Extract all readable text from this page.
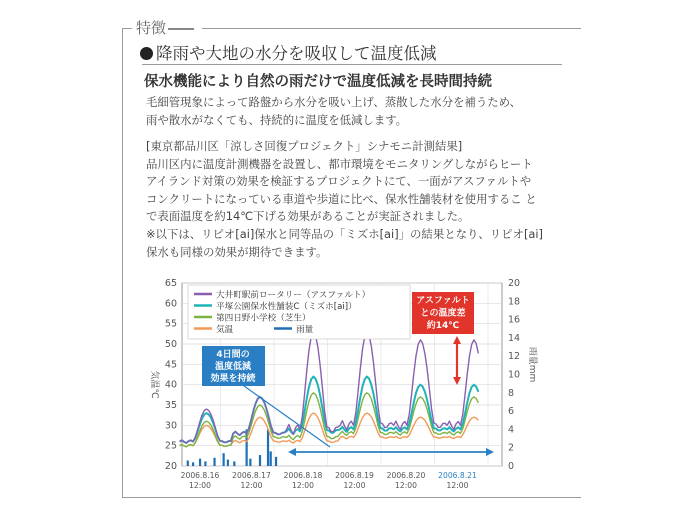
特徴
降雨や大地の水分を吸収して温度低減
保水機能により自然の雨だけで温度低減を長時間持続
毛細管現象によって路盤から水分を吸い上げ、蒸散した水分を補うため、
雨や散水がなくても、持続的に温度を低減します。
[東京都品川区「涼しさ回復プロジェクト」シナモニ計測結果]
品川区内に温度計測機器を設置し、都市環境をモニタリングしながらヒート
アイランド対策の効果を検証するプロジェクトにて、一面がアスファルトや
コンクリートになっている車道や歩道に比べ、保水性舗装材を使用するこ と
で表面温度を約14℃下げる効果があることが実証されました。
※以下は、リピオ[ai]保水と同等品の「ミズホ[ai]」の結果となり、リピオ[ai]
保水も同様の効果が期待できます。
20
25
30
35
40
45
50
55
60
65
0
2
4
6
8
10
12
14
16
18
20
2006.8.16
12:00
2006.8.17
12:00
2006.8.18
12:00
2006.8.19
12:00
2006.8.20
12:00
2006.8.21
12:00
気温℃
雨量mm
大井町駅前ロータリー（アスファルト）
平塚公園保水性舗装C（ミズホ[ai]）
第四日野小学校（芝生）
気温	雨量
アスファルト
との温度差
約14℃
4日間の
温度低減
効果を持続
